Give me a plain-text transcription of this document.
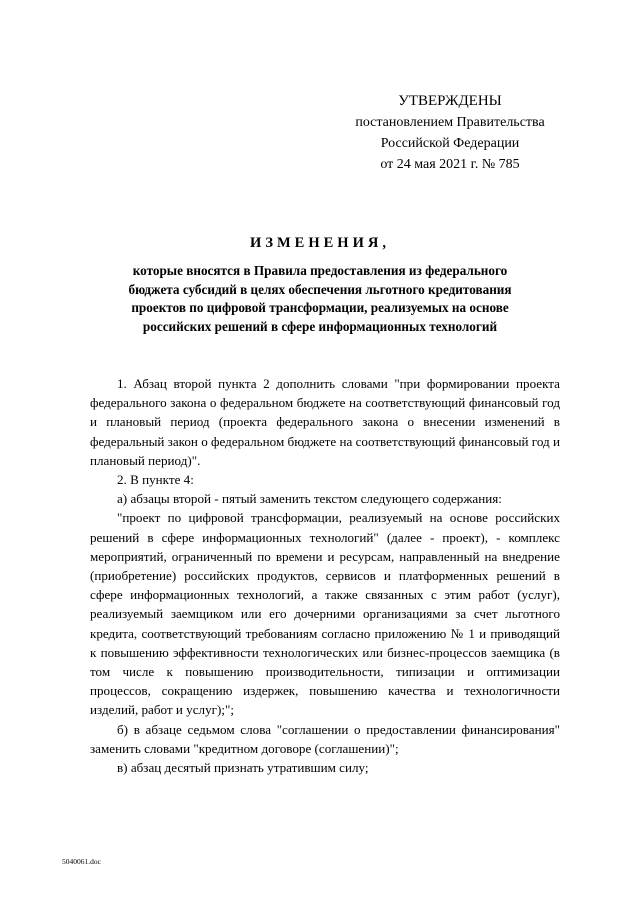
УТВЕРЖДЕНЫ
постановлением Правительства
Российской Федерации
от 24 мая 2021 г. № 785
ИЗМЕНЕНИЯ,
которые вносятся в Правила предоставления из федерального
бюджета субсидий в целях обеспечения льготного кредитования
проектов по цифровой трансформации, реализуемых на основе
российских решений в сфере информационных технологий

1. Абзац второй пункта 2 дополнить словами "при формировании проекта федерального закона о федеральном бюджете на соответствующий финансовый год и плановый период (проекта федерального закона о внесении изменений в федеральный закон о федеральном бюджете на соответствующий финансовый год и плановый период)".

2. В пункте 4:

а) абзацы второй - пятый заменить текстом следующего содержания:

"проект по цифровой трансформации, реализуемый на основе российских решений в сфере информационных технологий" (далее - проект), - комплекс мероприятий, ограниченный по времени и ресурсам, направленный на внедрение (приобретение) российских продуктов, сервисов и платформенных решений в сфере информационных технологий, а также связанных с этим работ (услуг), реализуемый заемщиком или его дочерними организациями за счет льготного кредита, соответствующий требованиям согласно приложению № 1 и приводящий к повышению эффективности технологических или бизнес-процессов заемщика (в том числе к повышению производительности, типизации и оптимизации процессов, сокращению издержек, повышению качества и технологичности изделий, работ и услуг);";

б) в абзаце седьмом слова "соглашении о предоставлении финансирования" заменить словами "кредитном договоре (соглашении)";

в) абзац десятый признать утратившим силу;

5040061.doc
